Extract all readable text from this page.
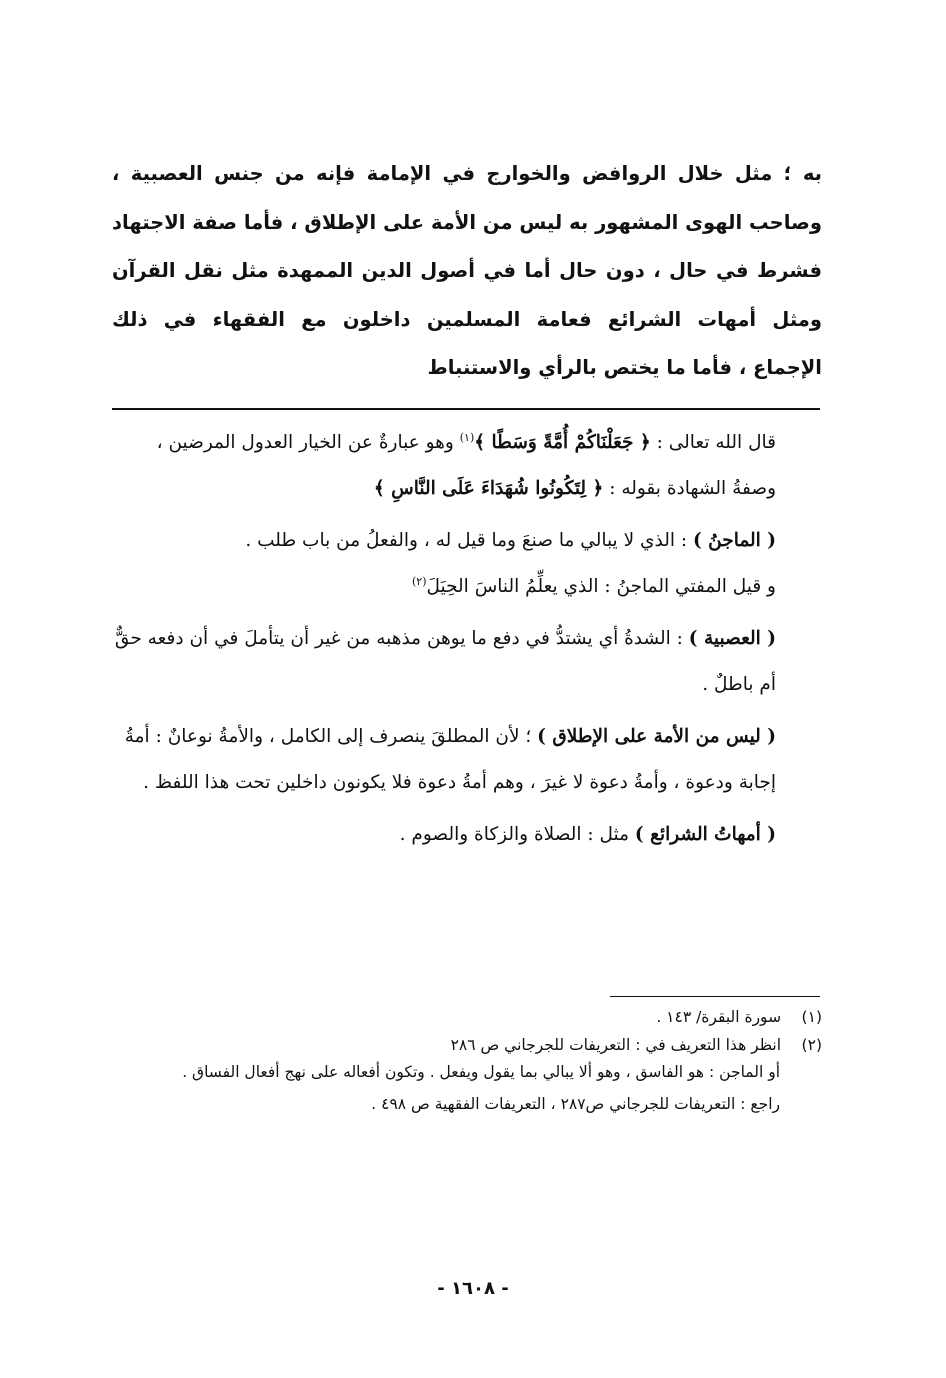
به ؛ مثل خلال الروافض والخوارج في الإمامة فإنه من جنس العصبية ،
وصاحب الهوى المشهور به ليس من الأمة على الإطلاق ، فأما صفة الاجتهاد
فشرط في حال ، دون حال أما في أصول الدين الممهدة مثل نقل القرآن
ومثل أمهات الشرائع فعامة المسلمين داخلون مع الفقهاء في ذلك
الإجماع ، فأما ما يختص بالرأي والاستنباط

قال الله تعالى : ﴿ جَعَلْنَاكُمْ أُمَّةً وَسَطًا ﴾$^{(١)}$ وهو عبارةٌ عن الخيار العدول المرضين ، وصفةُ الشهادة بقوله : ﴿ لِتَكُونُوا شُهَدَاءَ عَلَى النَّاسِ ﴾

( الماجنُ ) : الذي لا يبالي ما صنعَ وما قيل له ، والفعلُ من باب طلب .

و قيل المفتي الماجنُ : الذي يعلِّمُ الناسَ الحِيَلَ$^{(٢)}$

( العصبية ) : الشدةُ أي يشتدُّ في دفع ما يوهن مذهبه من غير أن يتأملَ في أن دفعه حقٌّ أم باطلٌ .

( ليس من الأمة على الإطلاق ) ؛ لأن المطلقَ ينصرف إلى الكامل ، والأمةُ نوعانٌ : أمةُ إجابة ودعوة ، وأمةُ دعوة لا غيرَ ، وهم أمةُ دعوة فلا يكونون داخلين تحت هذا اللفظ .

( أمهاتُ الشرائع ) مثل : الصلاة والزكاة والصوم .

(١) سورة البقرة/ ١٤٣ .
(٢) انظر هذا التعريف في : التعريفات للجرجاني ص ٢٨٦
أو الماجن : هو الفاسق ، وهو ألا يبالي بما يقول ويفعل . وتكون أفعاله على نهج أفعال الفساق .
راجع : التعريفات للجرجاني ص٢٨٧ ، التعريفات الفقهية ص ٤٩٨ .
- ١٦٠٨ -
